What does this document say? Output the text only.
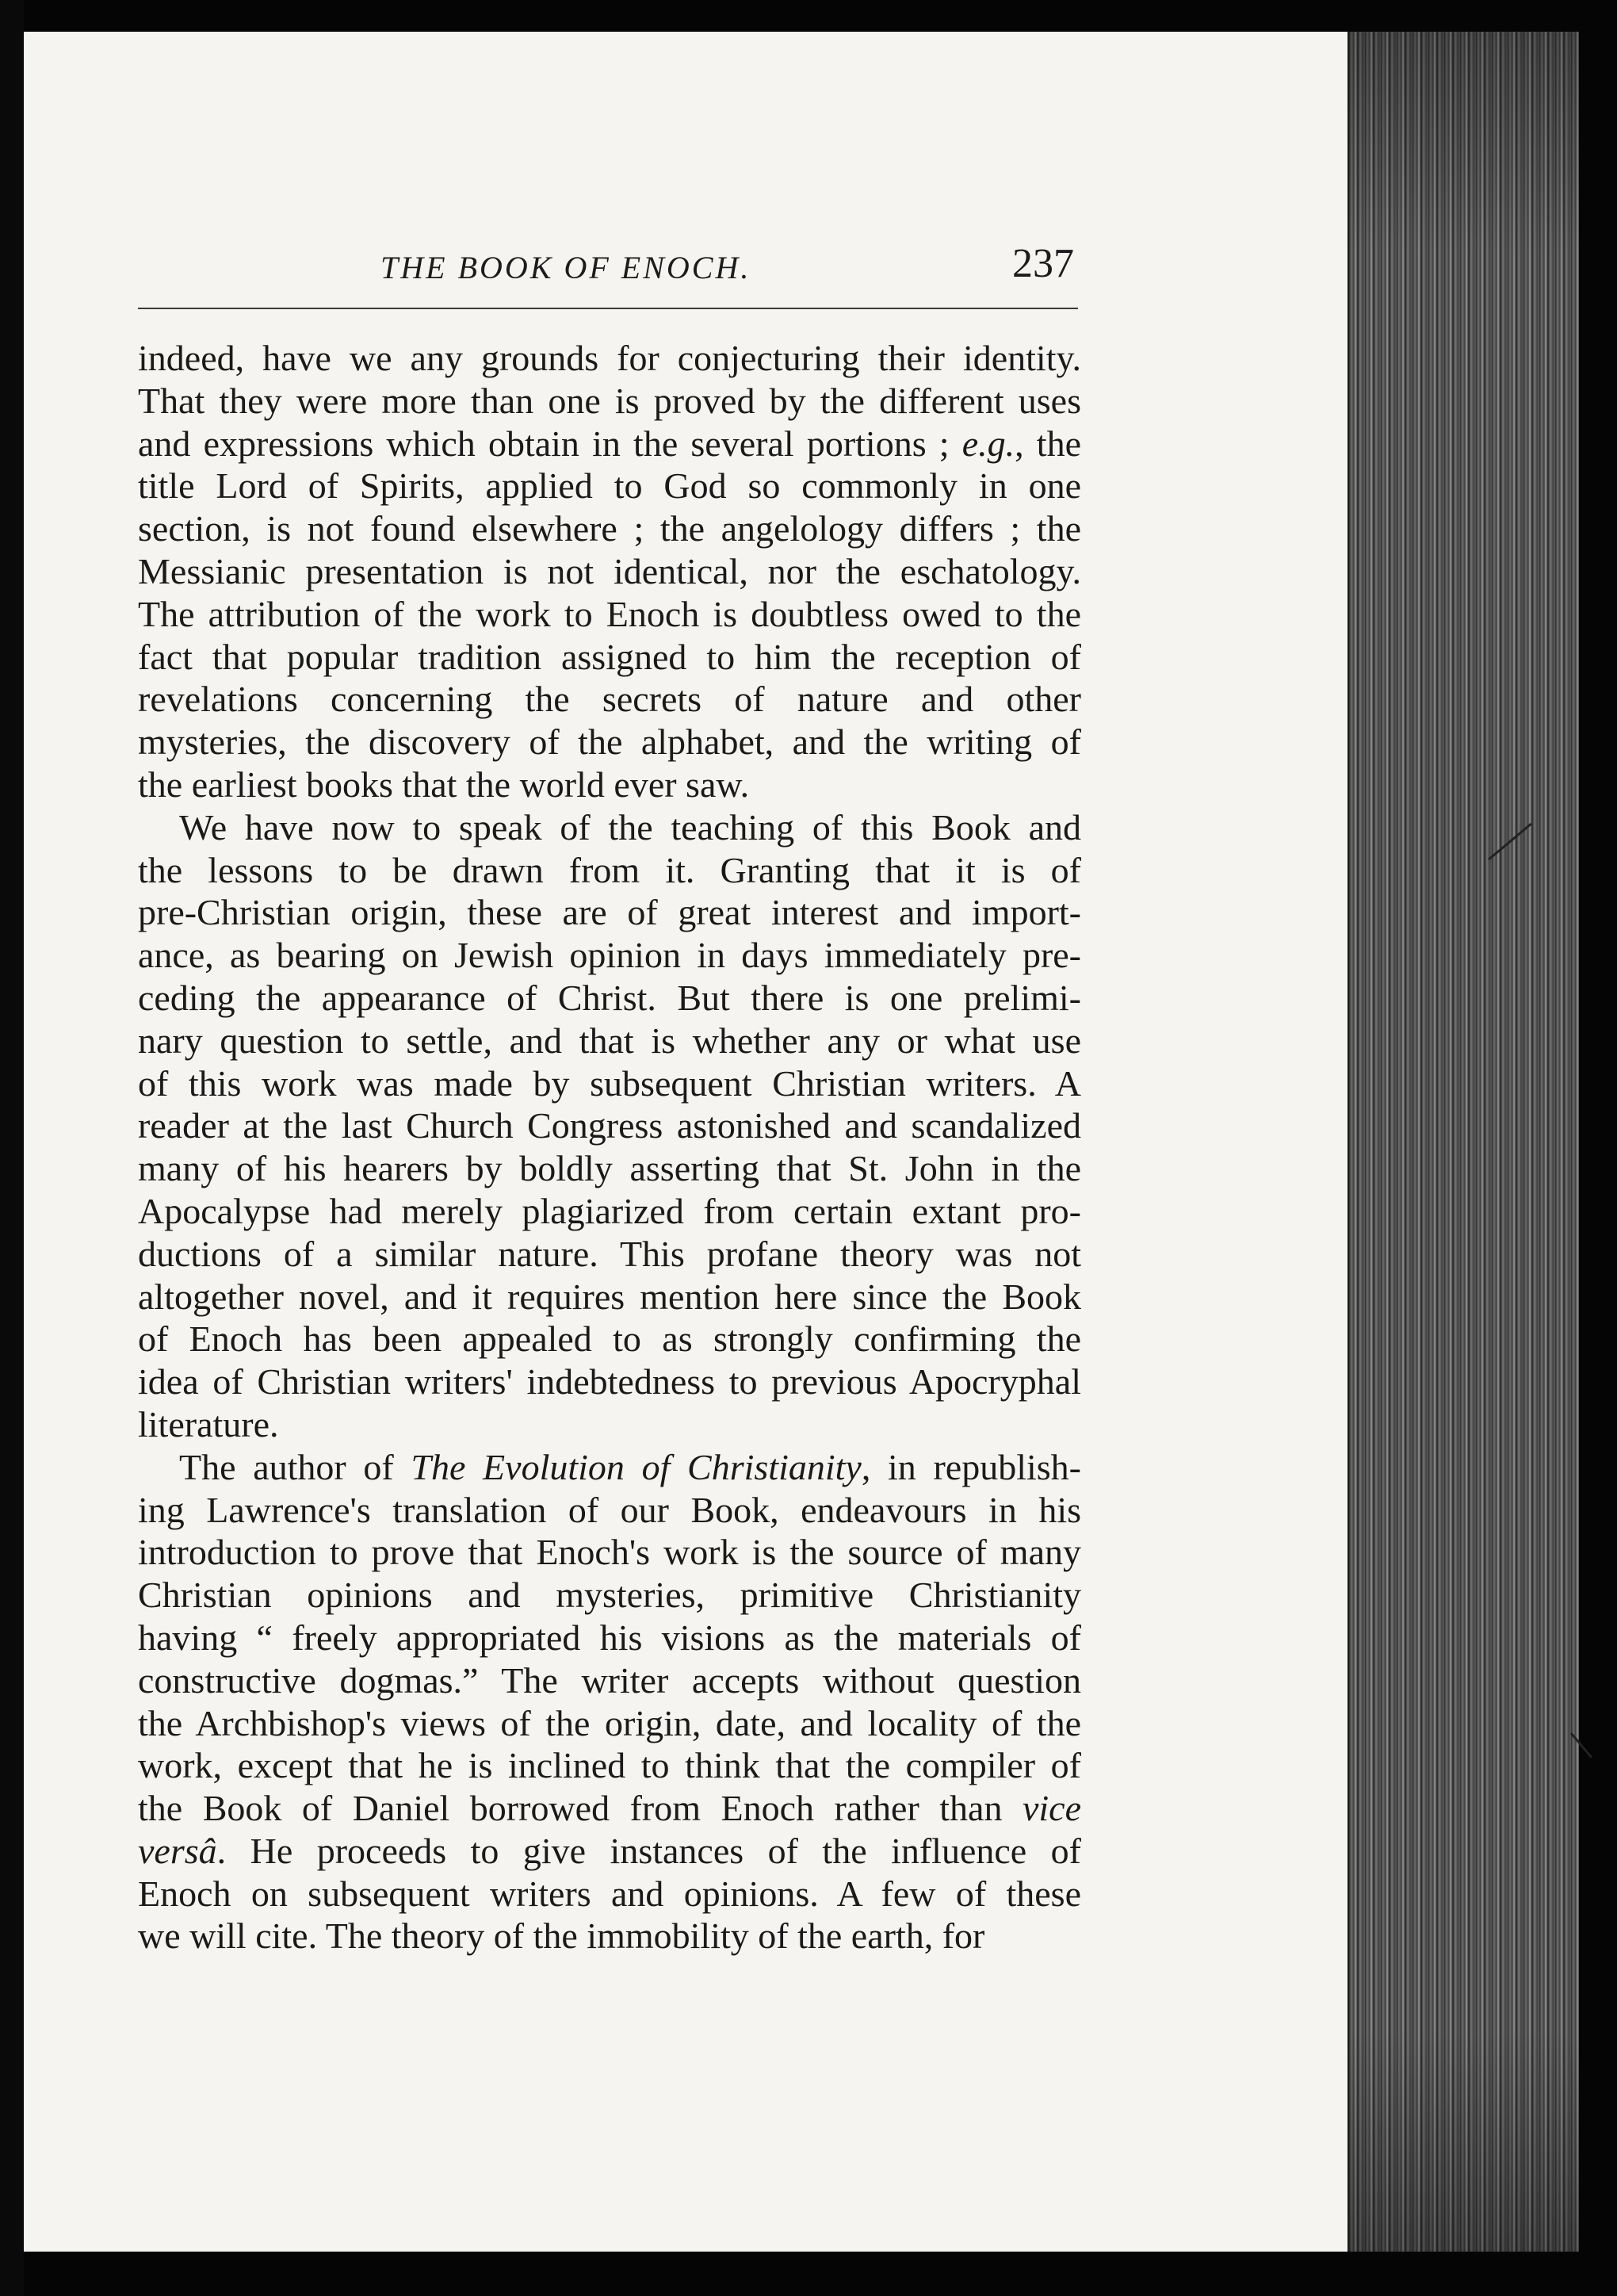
THE BOOK OF ENOCH.	237
indeed, have we any grounds for conjecturing their identity.
That they were more than one is proved by the different uses
and expressions which obtain in the several portions ; e.g., the
title Lord of Spirits, applied to God so commonly in one
section, is not found elsewhere ; the angelology differs ; the
Messianic presentation is not identical, nor the eschatology.
The attribution of the work to Enoch is doubtless owed to the
fact that popular tradition assigned to him the reception of
revelations concerning the secrets of nature and other
mysteries, the discovery of the alphabet, and the writing of
the earliest books that the world ever saw.
We have now to speak of the teaching of this Book and
the lessons to be drawn from it. Granting that it is of
pre-Christian origin, these are of great interest and import-
ance, as bearing on Jewish opinion in days immediately pre-
ceding the appearance of Christ. But there is one prelimi-
nary question to settle, and that is whether any or what use
of this work was made by subsequent Christian writers. A
reader at the last Church Congress astonished and scandalized
many of his hearers by boldly asserting that St. John in the
Apocalypse had merely plagiarized from certain extant pro-
ductions of a similar nature. This profane theory was not
altogether novel, and it requires mention here since the Book
of Enoch has been appealed to as strongly confirming the
idea of Christian writers' indebtedness to previous Apocryphal
literature.
The author of The Evolution of Christianity, in republish-
ing Lawrence's translation of our Book, endeavours in his
introduction to prove that Enoch's work is the source of many
Christian opinions and mysteries, primitive Christianity
having “ freely appropriated his visions as the materials of
constructive dogmas.” The writer accepts without question
the Archbishop's views of the origin, date, and locality of the
work, except that he is inclined to think that the compiler of
the Book of Daniel borrowed from Enoch rather than vice
versâ. He proceeds to give instances of the influence of
Enoch on subsequent writers and opinions. A few of these
we will cite. The theory of the immobility of the earth, for
